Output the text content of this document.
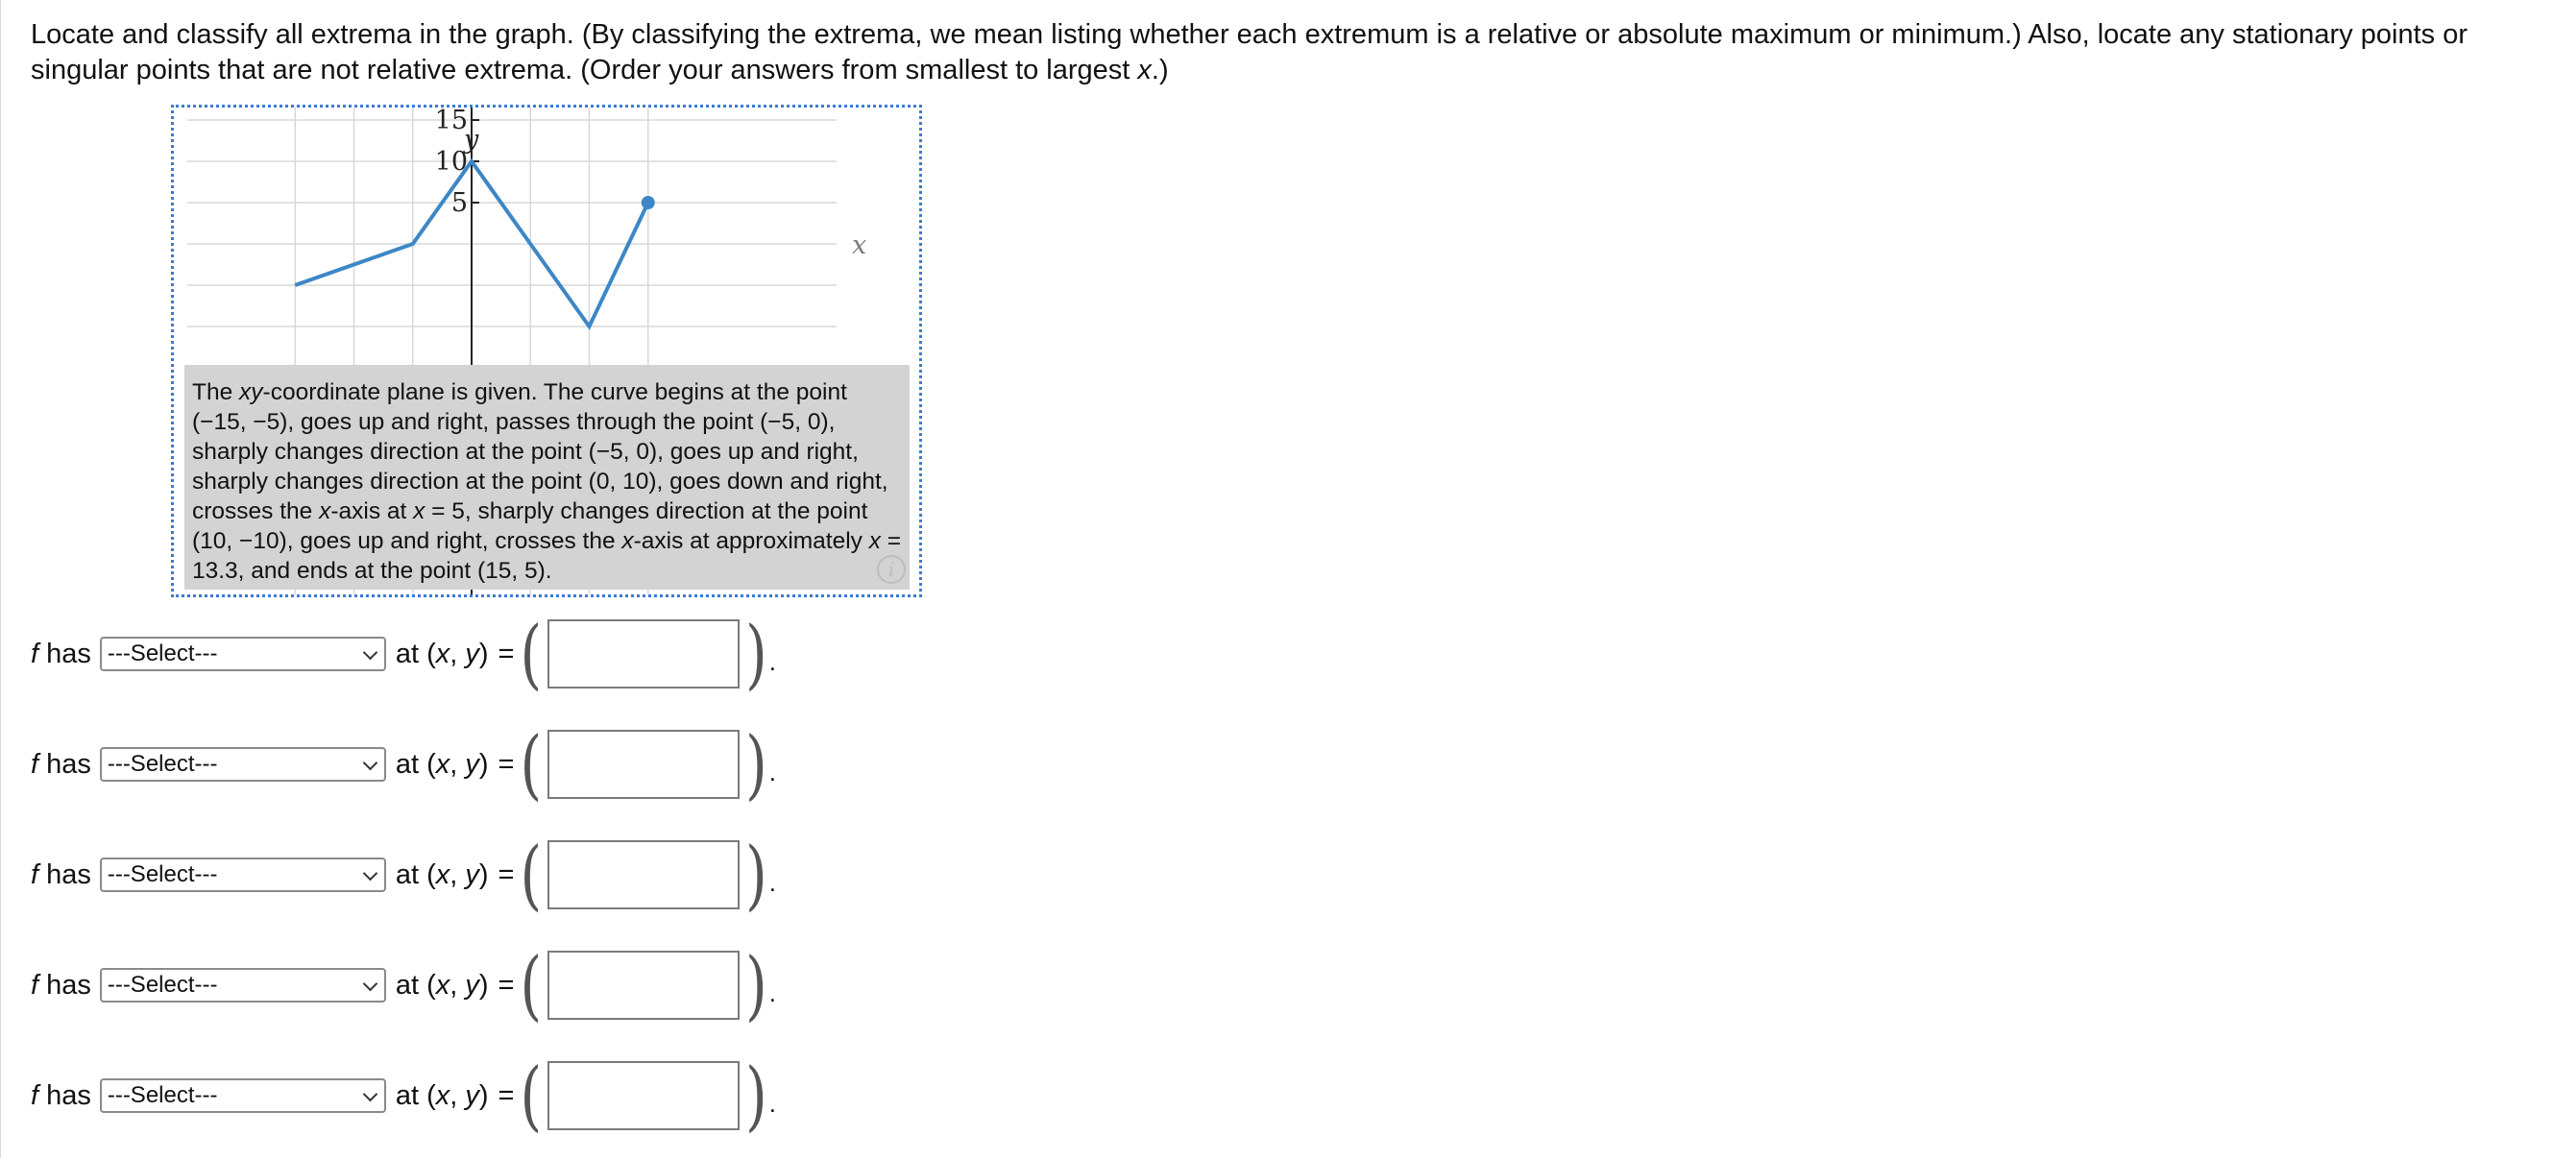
Locate and classify all extrema in the graph. (By classifying the extrema, we mean listing whether each extremum is a relative or absolute maximum or minimum.) Also, locate any stationary points or singular points that are not relative extrema. (Order your answers from smallest to largest x.)

15
10
5
y
x
The xy-coordinate plane is given. The curve begins at the point (−15, −5), goes up and right, passes through the point (−5, 0), sharply changes direction at the point (−5, 0), goes up and right, sharply changes direction at the point (0, 10), goes down and right, crosses the x-axis at x = 5, sharply changes direction at the point (10, −10), goes up and right, crosses the x-axis at approximately x = 13.3, and ends at the point (15, 5).	i
f has ---Select---	at (x, y) = (	) .
f has ---Select---	at (x, y) = (	) .
f has ---Select---	at (x, y) = (	) .
f has ---Select---	at (x, y) = (	) .
f has ---Select---	at (x, y) = (	) .
